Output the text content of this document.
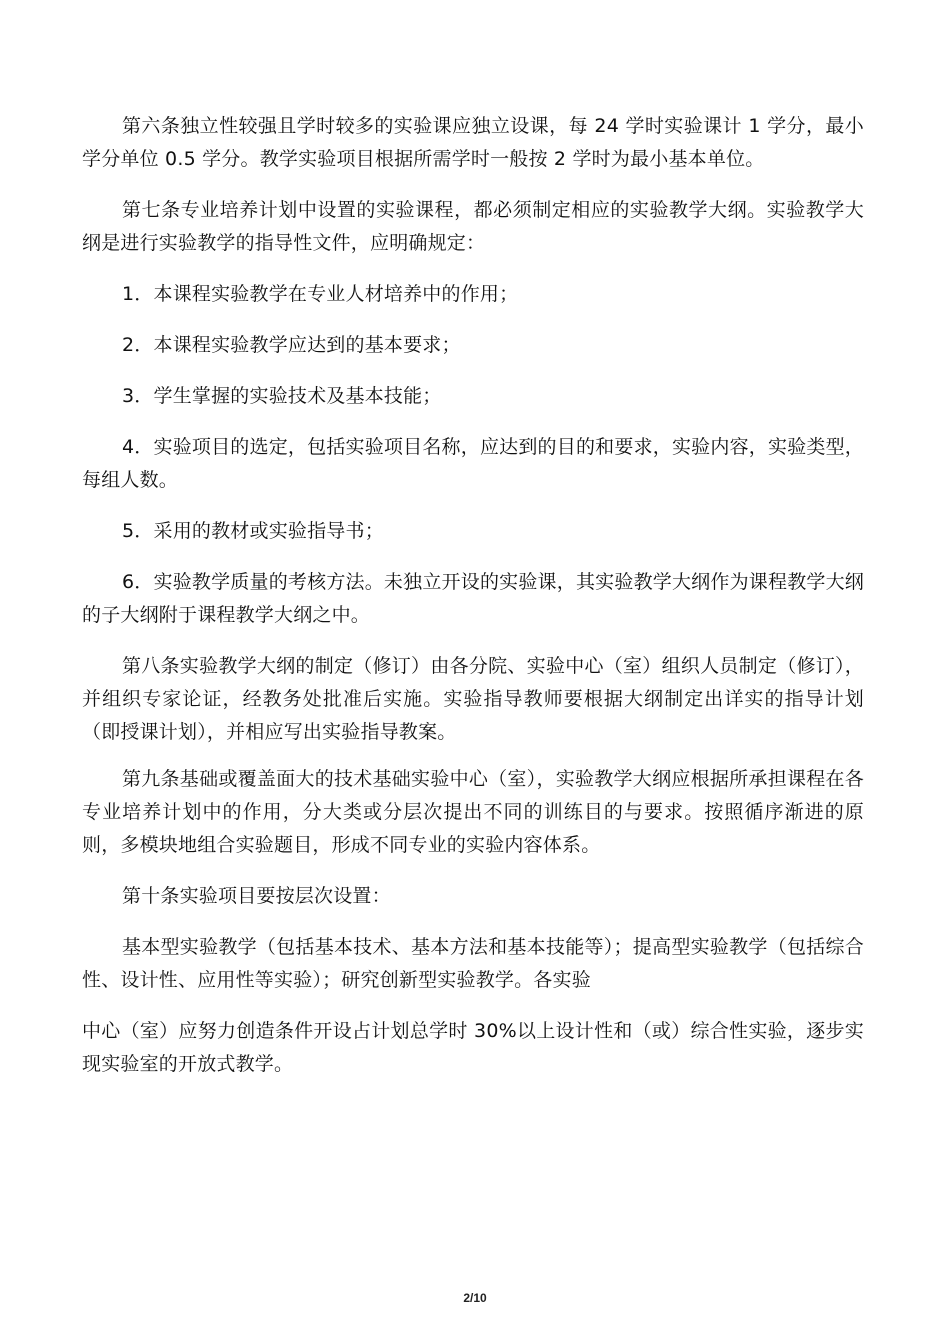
第六条独立性较强且学时较多的实验课应独立设课，每 24 学时实验课计 1 学分，最小学分单位 0.5 学分。教学实验项目根据所需学时一般按 2 学时为最小基本单位。

第七条专业培养计划中设置的实验课程，都必须制定相应的实验教学大纲。实验教学大纲是进行实验教学的指导性文件，应明确规定：

1．本课程实验教学在专业人材培养中的作用；

2．本课程实验教学应达到的基本要求；

3．学生掌握的实验技术及基本技能；

4．实验项目的选定，包括实验项目名称，应达到的目的和要求，实验内容，实验类型，每组人数。

5．采用的教材或实验指导书；

6．实验教学质量的考核方法。未独立开设的实验课，其实验教学大纲作为课程教学大纲的子大纲附于课程教学大纲之中。

第八条实验教学大纲的制定（修订）由各分院、实验中心（室）组织人员制定（修订），并组织专家论证，经教务处批准后实施。实验指导教师要根据大纲制定出详实的指导计划（即授课计划），并相应写出实验指导教案。

第九条基础或覆盖面大的技术基础实验中心（室），实验教学大纲应根据所承担课程在各专业培养计划中的作用，分大类或分层次提出不同的训练目的与要求。按照循序渐进的原则，多模块地组合实验题目，形成不同专业的实验内容体系。

第十条实验项目要按层次设置：

基本型实验教学（包括基本技术、基本方法和基本技能等）；提高型实验教学（包括综合性、设计性、应用性等实验）；研究创新型实验教学。各实验

中心（室）应努力创造条件开设占计划总学时 30%以上设计性和（或）综合性实验，逐步实现实验室的开放式教学。

2/10
